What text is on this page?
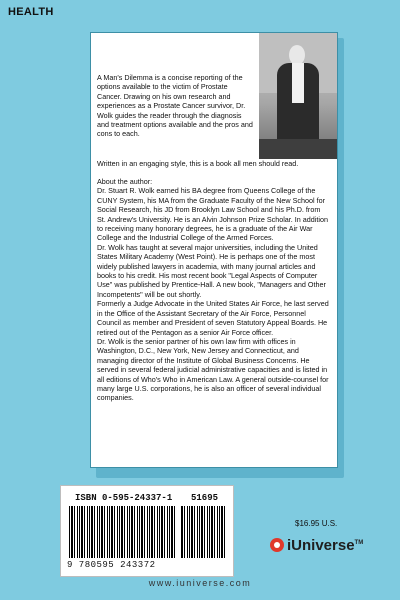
HEALTH

A Man's Dilemma is a concise reporting of the options available to the victim of Prostate Cancer. Drawing on his own research and experiences as a Prostate Cancer survivor, Dr. Wolk guides the reader through the diagnosis and treatment options available and the pros and cons to each.

Written in an engaging style, this is a book all men should read.

About the author:

Dr. Stuart R. Wolk earned his BA degree from Queens College of the CUNY System, his MA from the Graduate Faculty of the New School for Social Research, his JD from Brooklyn Law School and his Ph.D. from St. Andrew's University. He is an Alvin Johnson Prize Scholar. In addition to receiving many honorary degrees, he is a graduate of the Air War College and the Industrial College of the Armed Forces.

Dr. Wolk has taught at several major universities, including the United States Military Academy (West Point). He is perhaps one of the most widely published lawyers in academia, with many journal articles and books to his credit. His most recent book "Legal Aspects of Computer Use" was published by Prentice-Hall. A new book, "Managers and Other Incompetents" will be out shortly.

Formerly a Judge Advocate in the United States Air Force, he last served in the Office of the Assistant Secretary of the Air Force, Personnel Council as member and President of seven Statutory Appeal Boards. He retired out of the Pentagon as a senior Air Force officer.

Dr. Wolk is the senior partner of his own law firm with offices in Washington, D.C., New York, New Jersey and Connecticut, and managing director of the Institute of Global Business Concerns. He served in several federal judicial administrative capacities and is listed in all editions of Who's Who in American Law. A general outside-counsel for many large U.S. corporations, he is also an officer of several individual companies.

ISBN 0-595-24337-1 51695
9 780595 243372
$16.95 U.S.
iUniverse™
www.iuniverse.com
